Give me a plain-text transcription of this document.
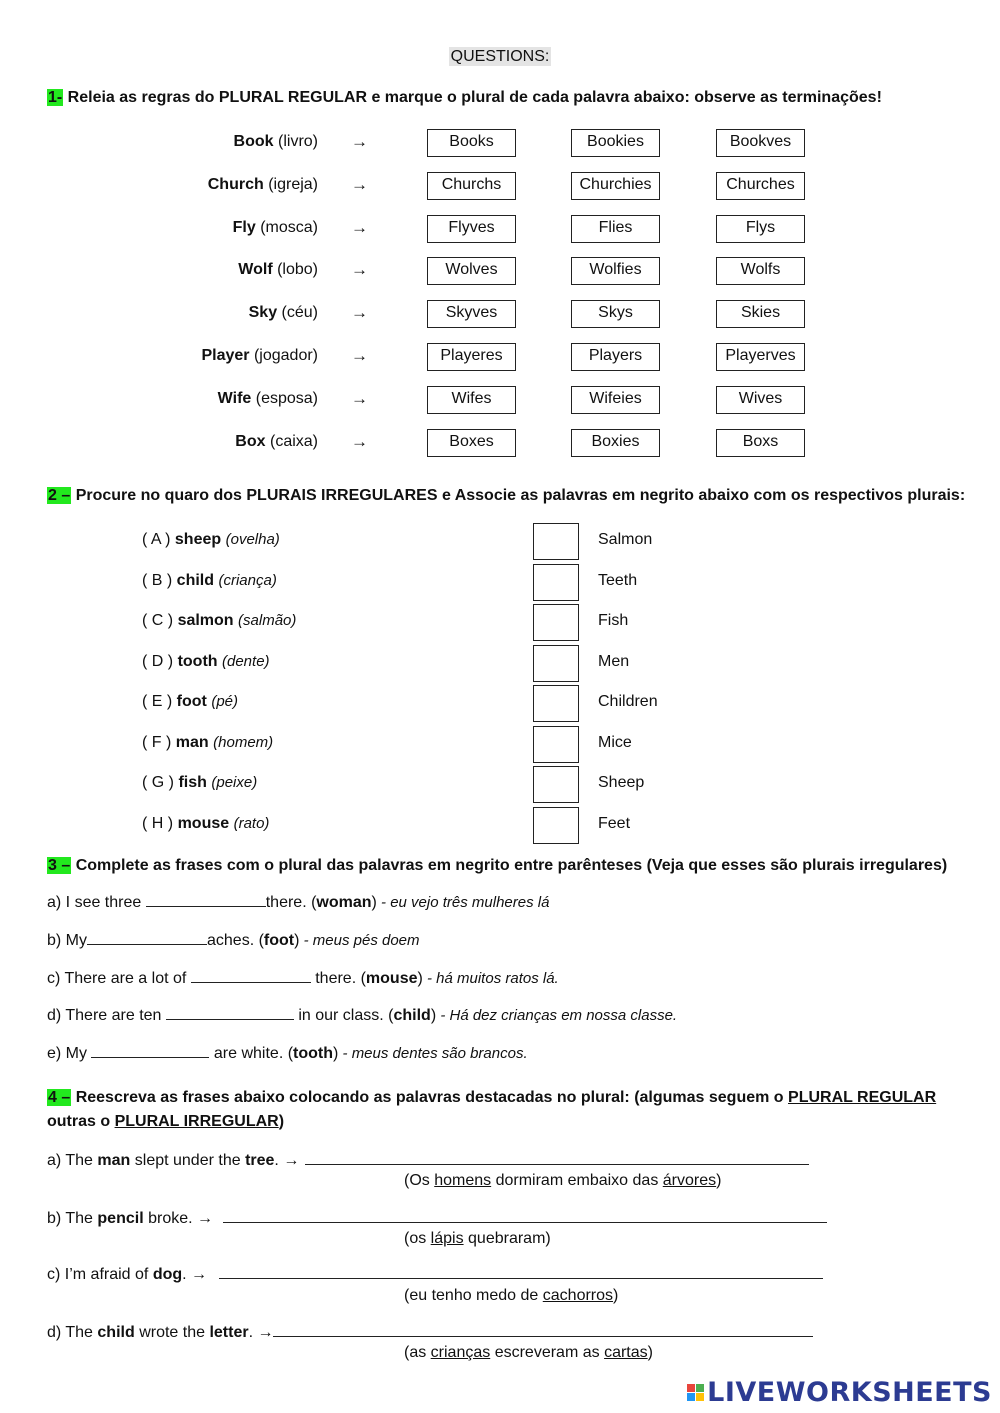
QUESTIONS:
1- Releia as regras do PLURAL REGULAR e marque o plural de cada palavra abaixo: observe as terminações!
Book (livro) →	Books	Bookies	Bookves
Church (igreja) →	Churchs	Churchies	Churches
Fly (mosca) →	Flyves	Flies	Flys
Wolf (lobo) →	Wolves	Wolfies	Wolfs
Sky (céu) →	Skyves	Skys	Skies
Player (jogador) →	Playeres	Players	Playerves
Wife (esposa) →	Wifes	Wifeies	Wives
Box (caixa) →	Boxes	Boxies	Boxs
2 – Procure no quaro dos PLURAIS IRREGULARES e Associe as palavras em negrito abaixo com os respectivos plurais:
( A ) sheep (ovelha)	Salmon
( B ) child (criança)	Teeth
( C ) salmon (salmão)	Fish
( D ) tooth (dente)	Men
( E ) foot (pé)	Children
( F ) man (homem)	Mice
( G ) fish (peixe)	Sheep
( H ) mouse (rato)	Feet
3 – Complete as frases com o plural das palavras em negrito entre parênteses (Veja que esses são plurais irregulares)
a) I see three	there. (woman) - eu vejo três mulheres lá
b) My	aches. (foot) - meus pés doem
c) There are a lot of	there. (mouse) - há muitos ratos lá.
d) There are ten	in our class. (child) - Há dez crianças em nossa classe.
e) My	are white. (tooth) - meus dentes são brancos.
4 – Reescreva as frases abaixo colocando as palavras destacadas no plural: (algumas seguem o PLURAL REGULAR
outras o PLURAL IRREGULAR)
a) The man slept under the tree. →
(Os homens dormiram embaixo das árvores)
b) The pencil broke. →
(os lápis quebraram)
c) I’m afraid of dog. →
(eu tenho medo de cachorros)
d) The child wrote the letter. →
(as crianças escreveram as cartas)
LIVEWORKSHEETS
